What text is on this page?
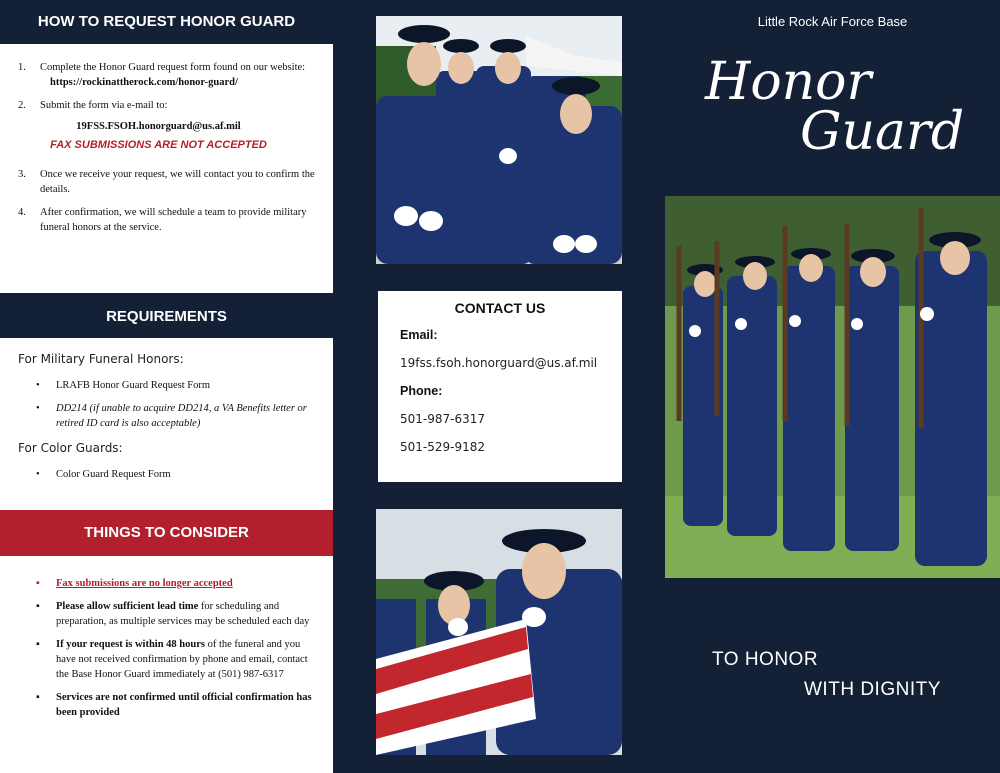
HOW TO REQUEST HONOR GUARD
1. Complete the Honor Guard request form found on our website:
https://rockinattherock.com/honor-guard/
2. Submit the form via e-mail to:
19FSS.FSOH.honorguard@us.af.mil
FAX SUBMISSIONS ARE NOT ACCEPTED
3. Once we receive your request, we will contact you to confirm the details.
4. After confirmation, we will schedule a team to provide military funeral honors at the service.
REQUIREMENTS
For Military Funeral Honors:
• LRAFB Honor Guard Request Form
• DD214 (if unable to acquire DD214, a VA Benefits letter or retired ID card is also acceptable)
For Color Guards:
• Color Guard Request Form
THINGS TO CONSIDER
▪ Fax submissions are no longer accepted
▪ Please allow sufficient lead time for scheduling and preparation, as multiple services may be scheduled each day
▪ If your request is within 48 hours of the funeral and you have not received confirmation by phone and email, contact the Base Honor Guard immediately at (501) 987-6317
▪ Services are not confirmed until official confirmation has been provided
CONTACT US
Email:
19fss.fsoh.honorguard@us.af.mil
Phone:
501-987-6317
501-529-9182
Little Rock Air Force Base
Honor
Guard
TO HONOR
WITH DIGNITY
